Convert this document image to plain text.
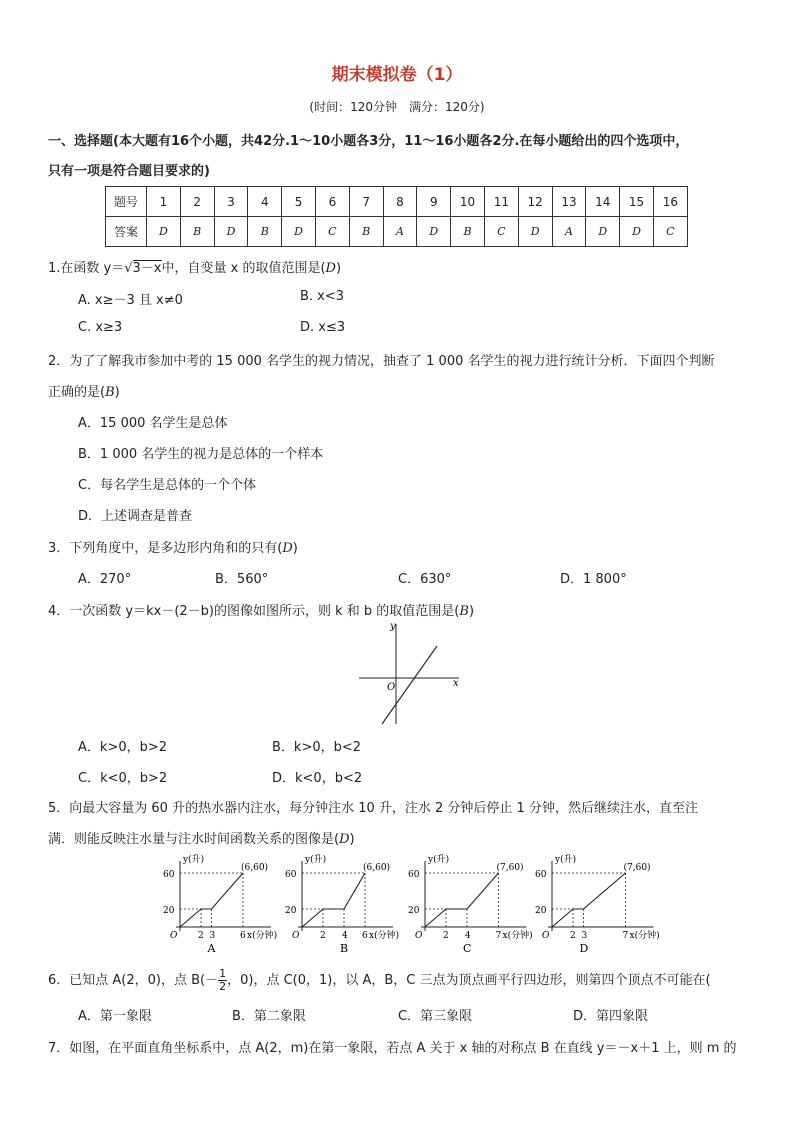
期末模拟卷（1）
(时间：120分钟　满分：120分)
一、选择题(本大题有16个小题，共42分.1～10小题各3分，11～16小题各2分.在每小题给出的四个选项中，
只有一项是符合题目要求的)
题号	1	2	3	4	5	6	7	8	9	10	11	12	13	14	15	16
答案	D	B	D	B	D	C	B	A	D	B	C	D	A	D	D	C
1.在函数 y＝√3－x中，自变量 x 的取值范围是(D)
A. x≥－3 且 x≠0	B. x<3
C. x≥3	D. x≤3
2．为了了解我市参加中考的 15 000 名学生的视力情况，抽查了 1 000 名学生的视力进行统计分析．下面四个判断
正确的是(B)
A．15 000 名学生是总体
B．1 000 名学生的视力是总体的一个样本
C．每名学生是总体的一个个体
D．上述调查是普查
3．下列角度中，是多边形内角和的只有(D)
A．270°	B．560°	C．630°	D．1 800°
4．一次函数 y＝kx－(2－b)的图像如图所示，则 k 和 b 的取值范围是(B)
y
x
O
A．k>0，b>2	B．k>0，b<2
C．k<0，b>2	D．k<0，b<2
5．向最大容量为 60 升的热水器内注水，每分钟注水 10 升，注水 2 分钟后停止 1 分钟，然后继续注水，直至注
满．则能反映注水量与注水时间函数关系的图像是(D)
y(升)
(6,60)
60
20
O 2 3	6 x(分钟)
A
y(升)
(6,60)
60
20
O 2 4 6 x(分钟)
B
y(升)
(7,60)
60
20
O 2 4	7 x(分钟)
C
y(升)
(7,60)
60
20
O 2 3	7 x(分钟)
D
6．已知点 A(2，0)，点 $B(- \frac{1}{2}$ ，0)，点 C(0，1)，以 A，B，C 三点为顶点画平行四边形，则第四个顶点不可能在(
A．第一象限	B．第二象限	C．第三象限	D．第四象限
7．如图，在平面直角坐标系中，点 A(2，m)在第一象限，若点 A 关于 x 轴的对称点 B 在直线 y＝－x＋1 上，则 m 的
